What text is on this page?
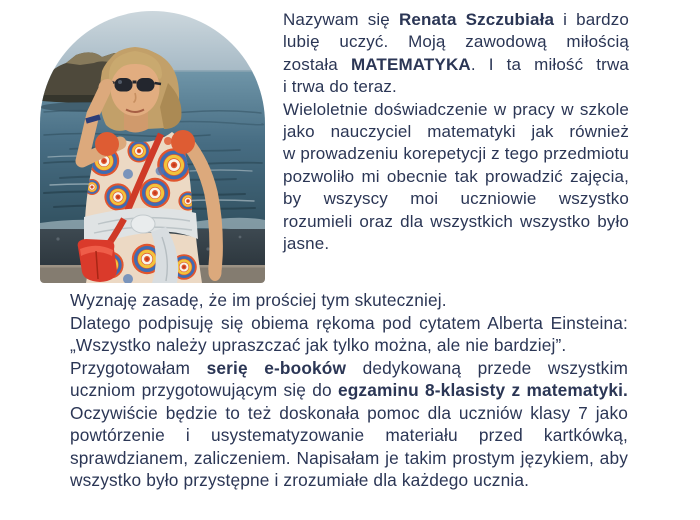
Nazywam się Renata Szczubiała i bardzo lubię uczyć. Moją zawodową miłością została MATEMATYKA. I ta miłość trwa i trwa do teraz.

Wieloletnie doświadczenie w pracy w szkole jako nauczyciel matematyki jak również w prowadzeniu korepetycji z tego przedmiotu pozwoliło mi obecnie tak prowadzić zajęcia, by wszyscy moi uczniowie wszystko rozumieli oraz dla wszystkich wszystko było jasne.

Wyznaję zasadę, że im prościej tym skuteczniej.

Dlatego podpisuję się obiema rękoma pod cytatem Alberta Einsteina: „Wszystko należy upraszczać jak tylko można, ale nie bardziej”.

Przygotowałam serię e-booków dedykowaną przede wszystkim uczniom przygotowującym się do egzaminu 8-klasisty z matematyki. Oczywiście będzie to też doskonała pomoc dla uczniów klasy 7 jako powtórzenie i usystematyzowanie materiału przed kartkówką, sprawdzianem, zaliczeniem. Napisałam je takim prostym językiem, aby wszystko było przystępne i zrozumiałe dla każdego ucznia.
